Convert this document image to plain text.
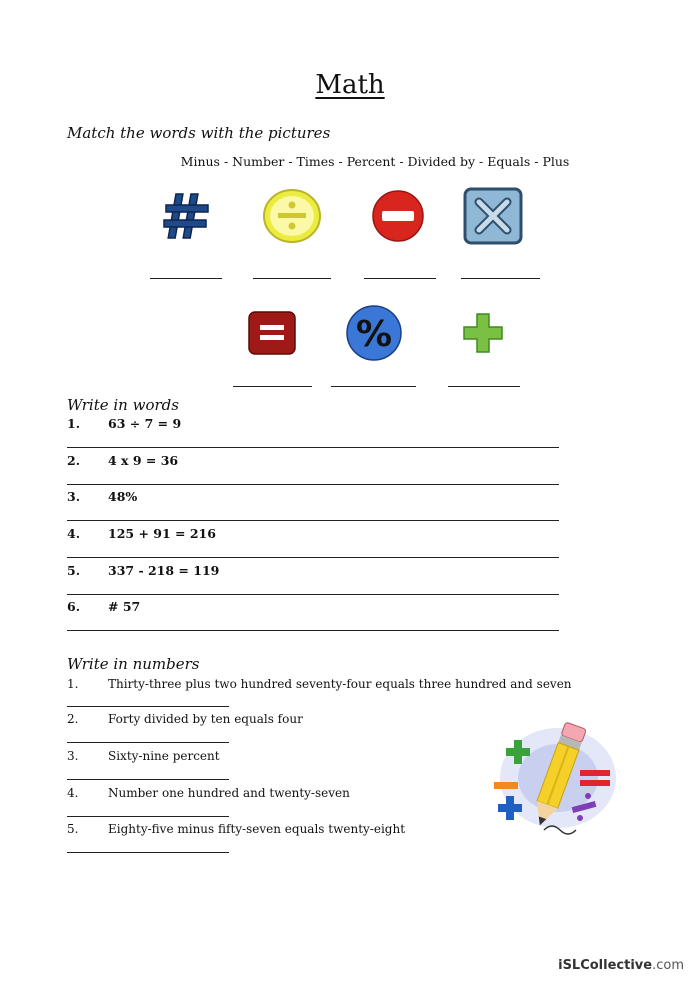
Math
Match the words with the pictures
Minus - Number - Times - Percent - Divided by - Equals - Plus
%
Write in words
1. 63 ÷ 7 = 9
2. 4 x 9 = 36
3. 48%
4. 125 + 91 = 216
5. 337 - 218 = 119
6. # 57
Write in numbers
1. Thirty-three plus two hundred seventy-four equals three hundred and seven
2. Forty divided by ten equals four
3. Sixty-nine percent
4. Number one hundred and twenty-seven
5. Eighty-five minus fifty-seven equals twenty-eight
iSLCollective.com
